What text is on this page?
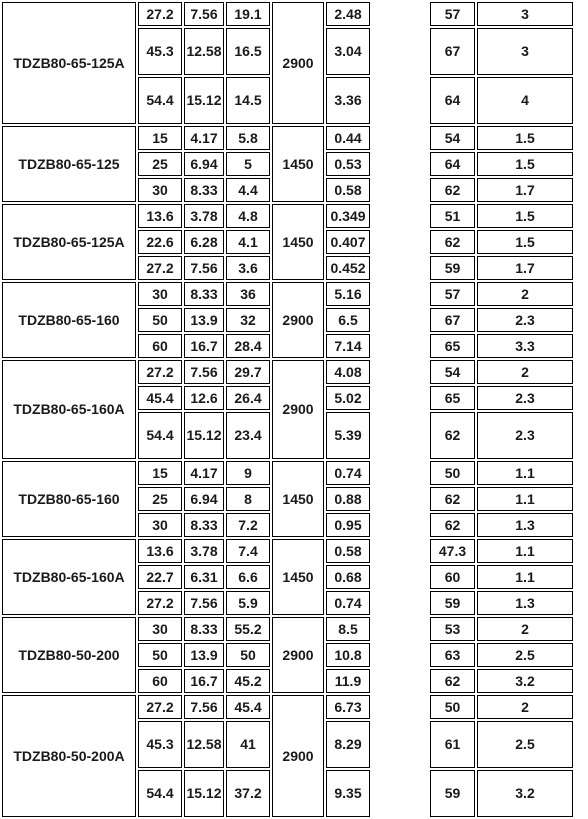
TDZB80-65-125A	27.2	7.56	19.1	2900	2.48		57	3
	45.3	12.58	16.5		3.04		67	3
	54.4	15.12	14.5		3.36		64	4
TDZB80-65-125	15	4.17	5.8	1450	0.44		54	1.5
	25	6.94	5		0.53		64	1.5
	30	8.33	4.4		0.58		62	1.7
TDZB80-65-125A	13.6	3.78	4.8	1450	0.349		51	1.5
	22.6	6.28	4.1		0.407		62	1.5
	27.2	7.56	3.6		0.452		59	1.7
TDZB80-65-160	30	8.33	36	2900	5.16		57	2
	50	13.9	32		6.5		67	2.3
	60	16.7	28.4		7.14		65	3.3
TDZB80-65-160A	27.2	7.56	29.7	2900	4.08		54	2
	45.4	12.6	26.4		5.02		65	2.3
	54.4	15.12	23.4		5.39		62	2.3
TDZB80-65-160	15	4.17	9	1450	0.74		50	1.1
	25	6.94	8		0.88		62	1.1
	30	8.33	7.2		0.95		62	1.3
TDZB80-65-160A	13.6	3.78	7.4	1450	0.58		47.3	1.1
	22.7	6.31	6.6		0.68		60	1.1
	27.2	7.56	5.9		0.74		59	1.3
TDZB80-50-200	30	8.33	55.2	2900	8.5		53	2
	50	13.9	50		10.8		63	2.5
	60	16.7	45.2		11.9		62	3.2
TDZB80-50-200A	27.2	7.56	45.4	2900	6.73		50	2
	45.3	12.58	41		8.29		61	2.5
	54.4	15.12	37.2		9.35		59	3.2
